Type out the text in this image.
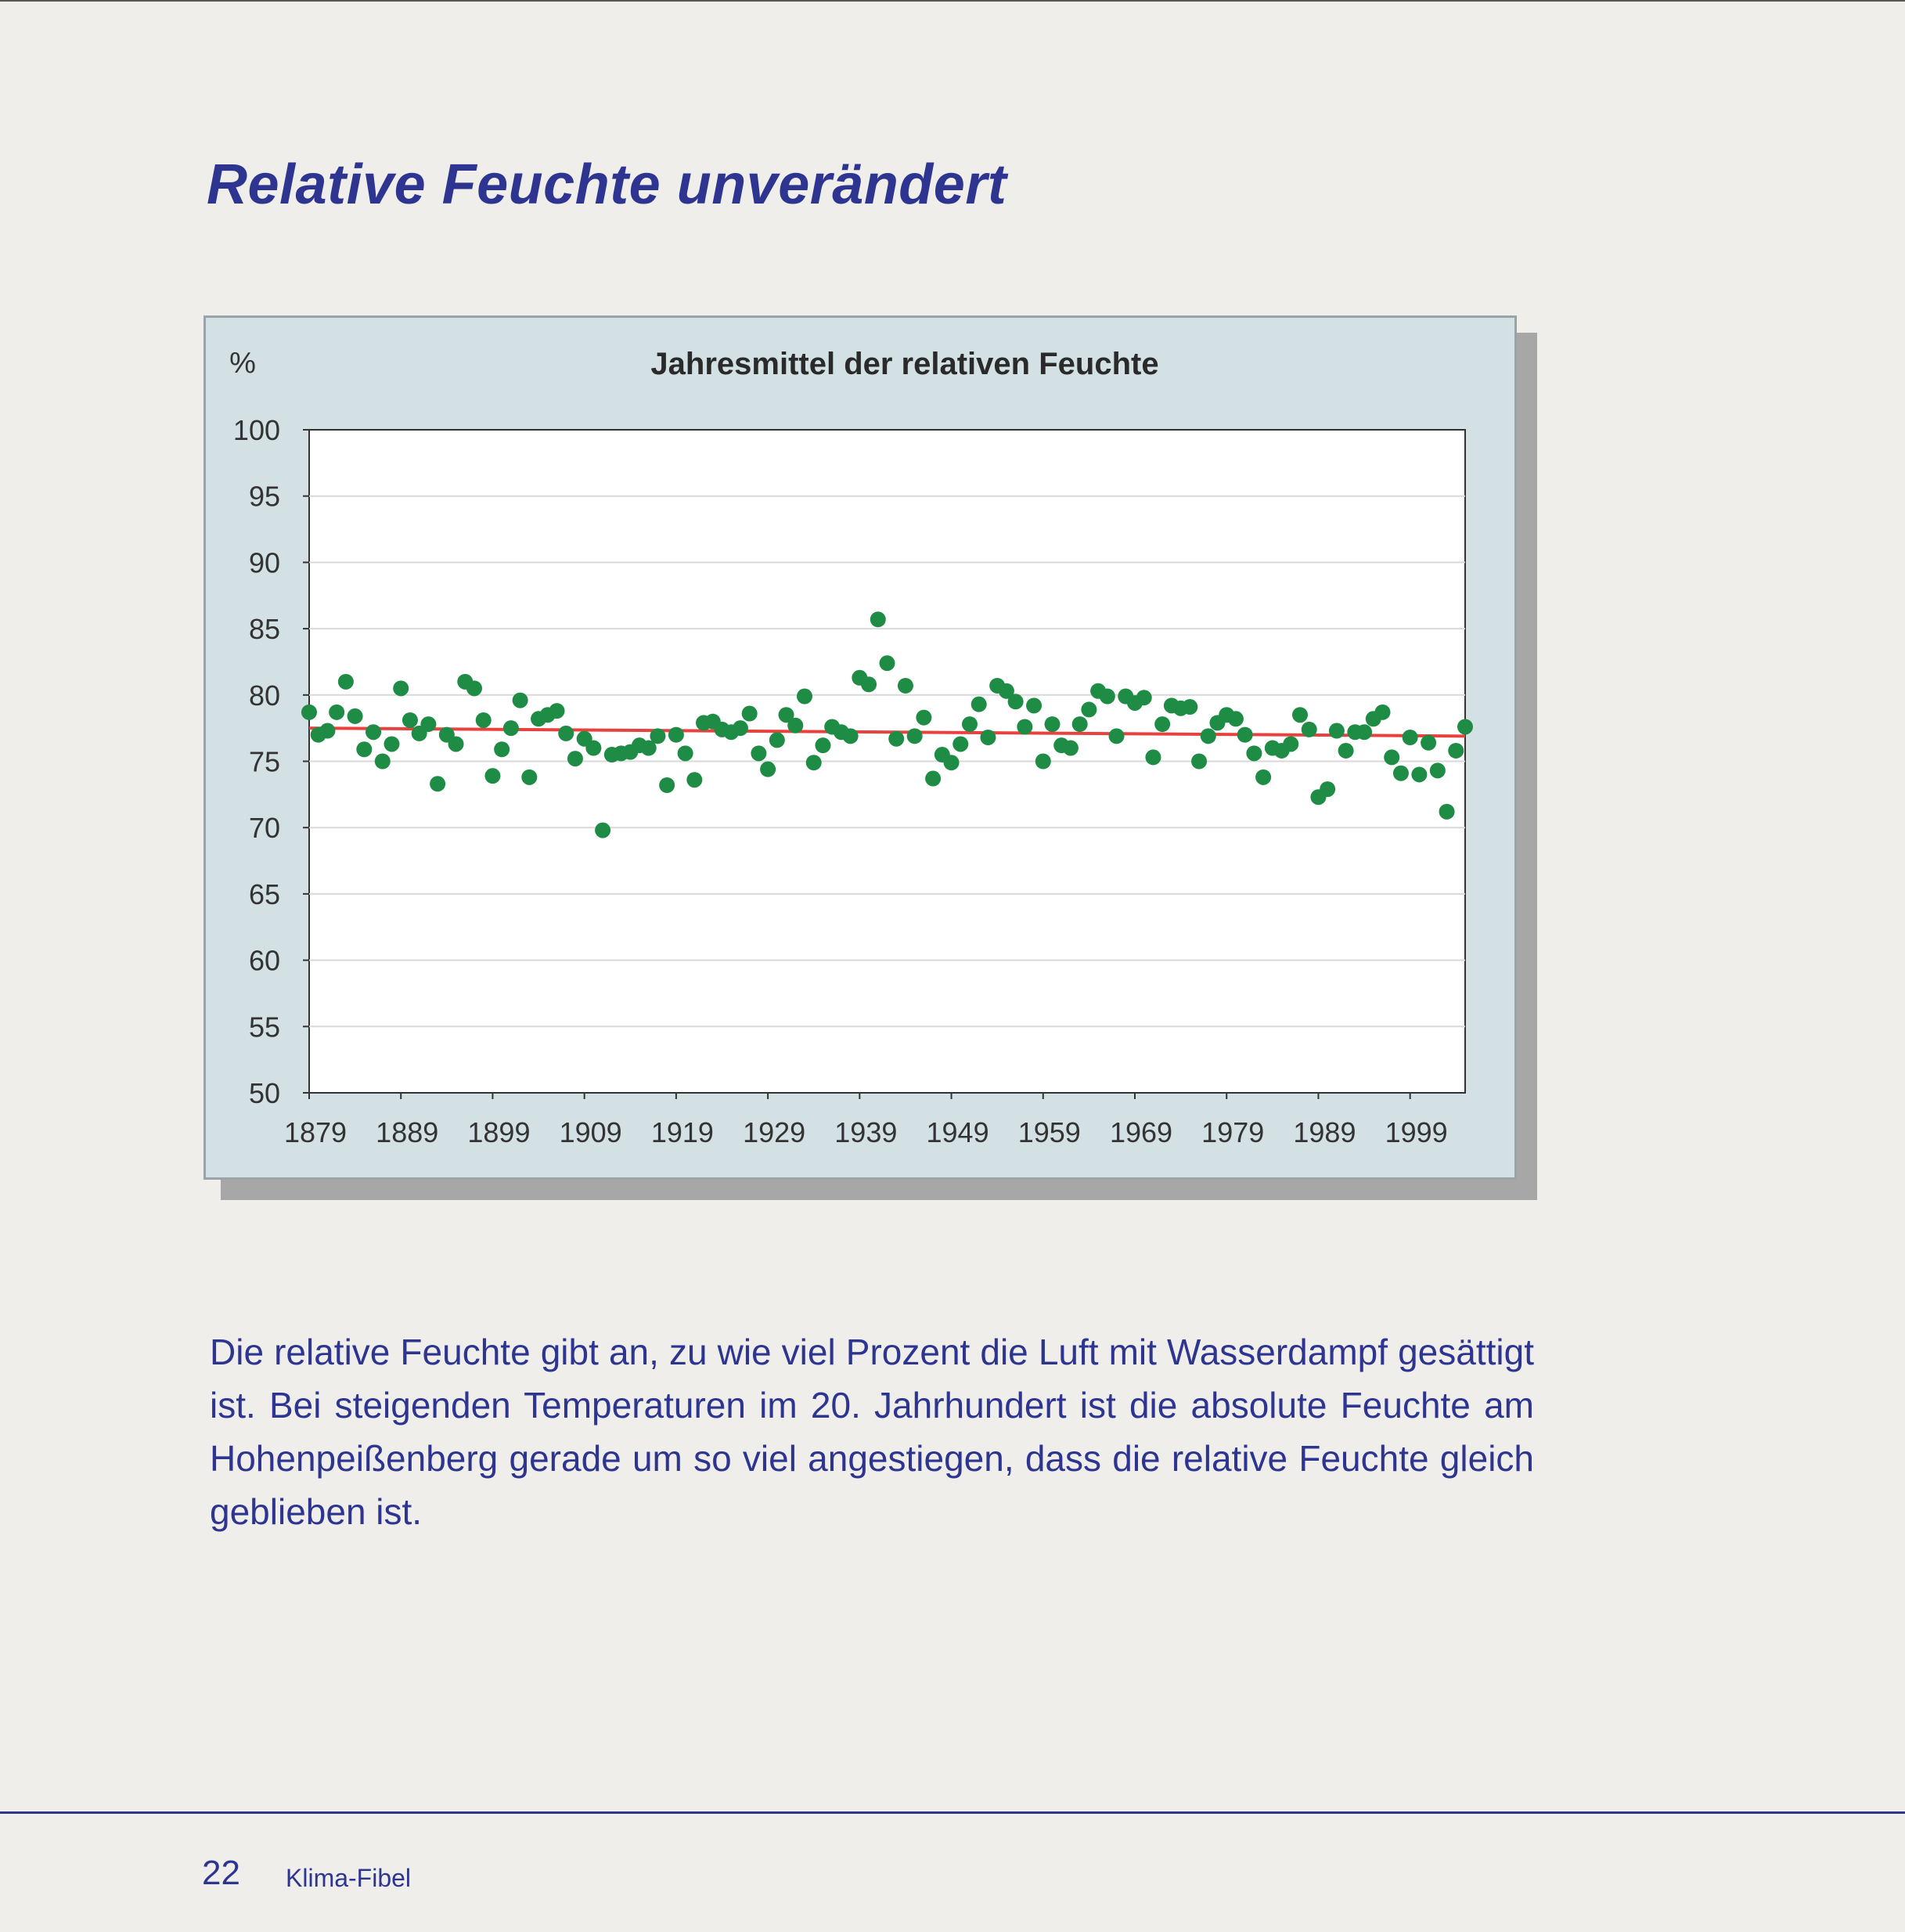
Relative Feuchte unverändert
Jahresmittel der relativen Feuchte
%
50
55
60
65
70
75
80
85
90
95
100
1879 1889 1899 1909 1919 1929 1939 1949 1959 1969 1979 1989 1999

Die relative Feuchte gibt an, zu wie viel Prozent die Luft mit Wasserdampf gesättigt ist. Bei steigenden Temperaturen im 20. Jahrhundert ist die absolute Feuchte am Hohenpeißenberg gerade um so viel angestiegen, dass die relative Feuchte gleich geblieben ist.

22 Klima-Fibel
